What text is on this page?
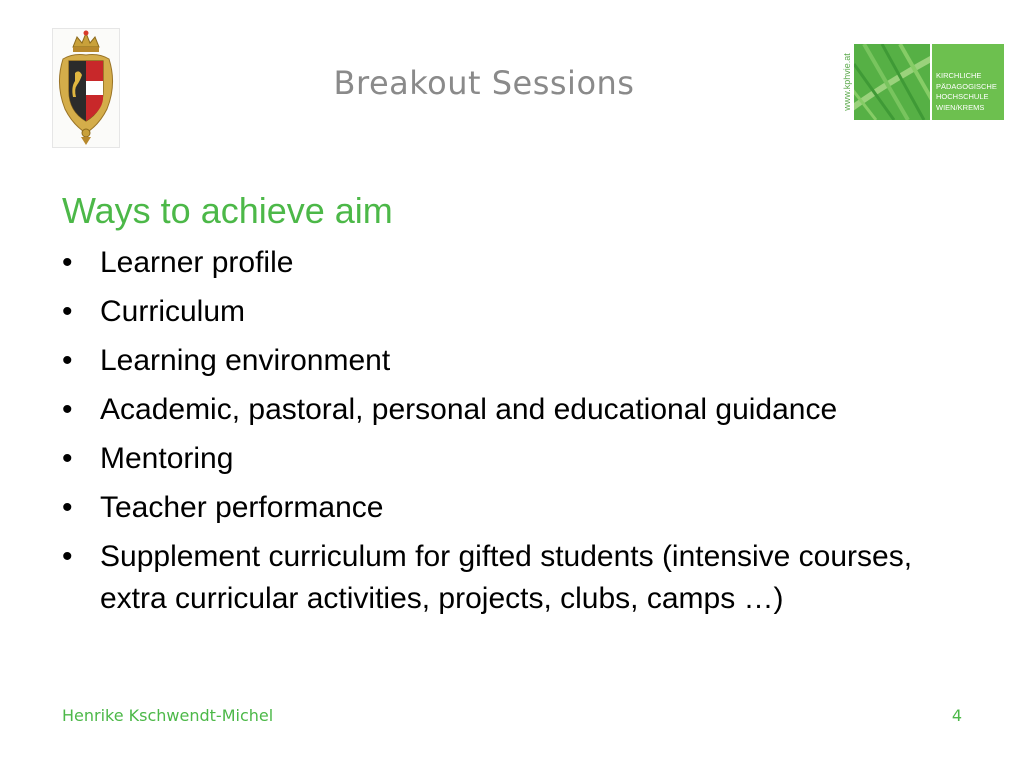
Breakout Sessions	www.kphvie.at	KIRCHLICHE
PÄDAGOGISCHE
HOCHSCHULE
WIEN/KREMS
Ways to achieve aim
• Learner profile
• Curriculum
• Learning environment
• Academic, pastoral, personal and educational guidance
• Mentoring
• Teacher performance
• Supplement curriculum for gifted students (intensive courses, extra curricular activities, projects, clubs, camps …)
Henrike Kschwendt-Michel	4
